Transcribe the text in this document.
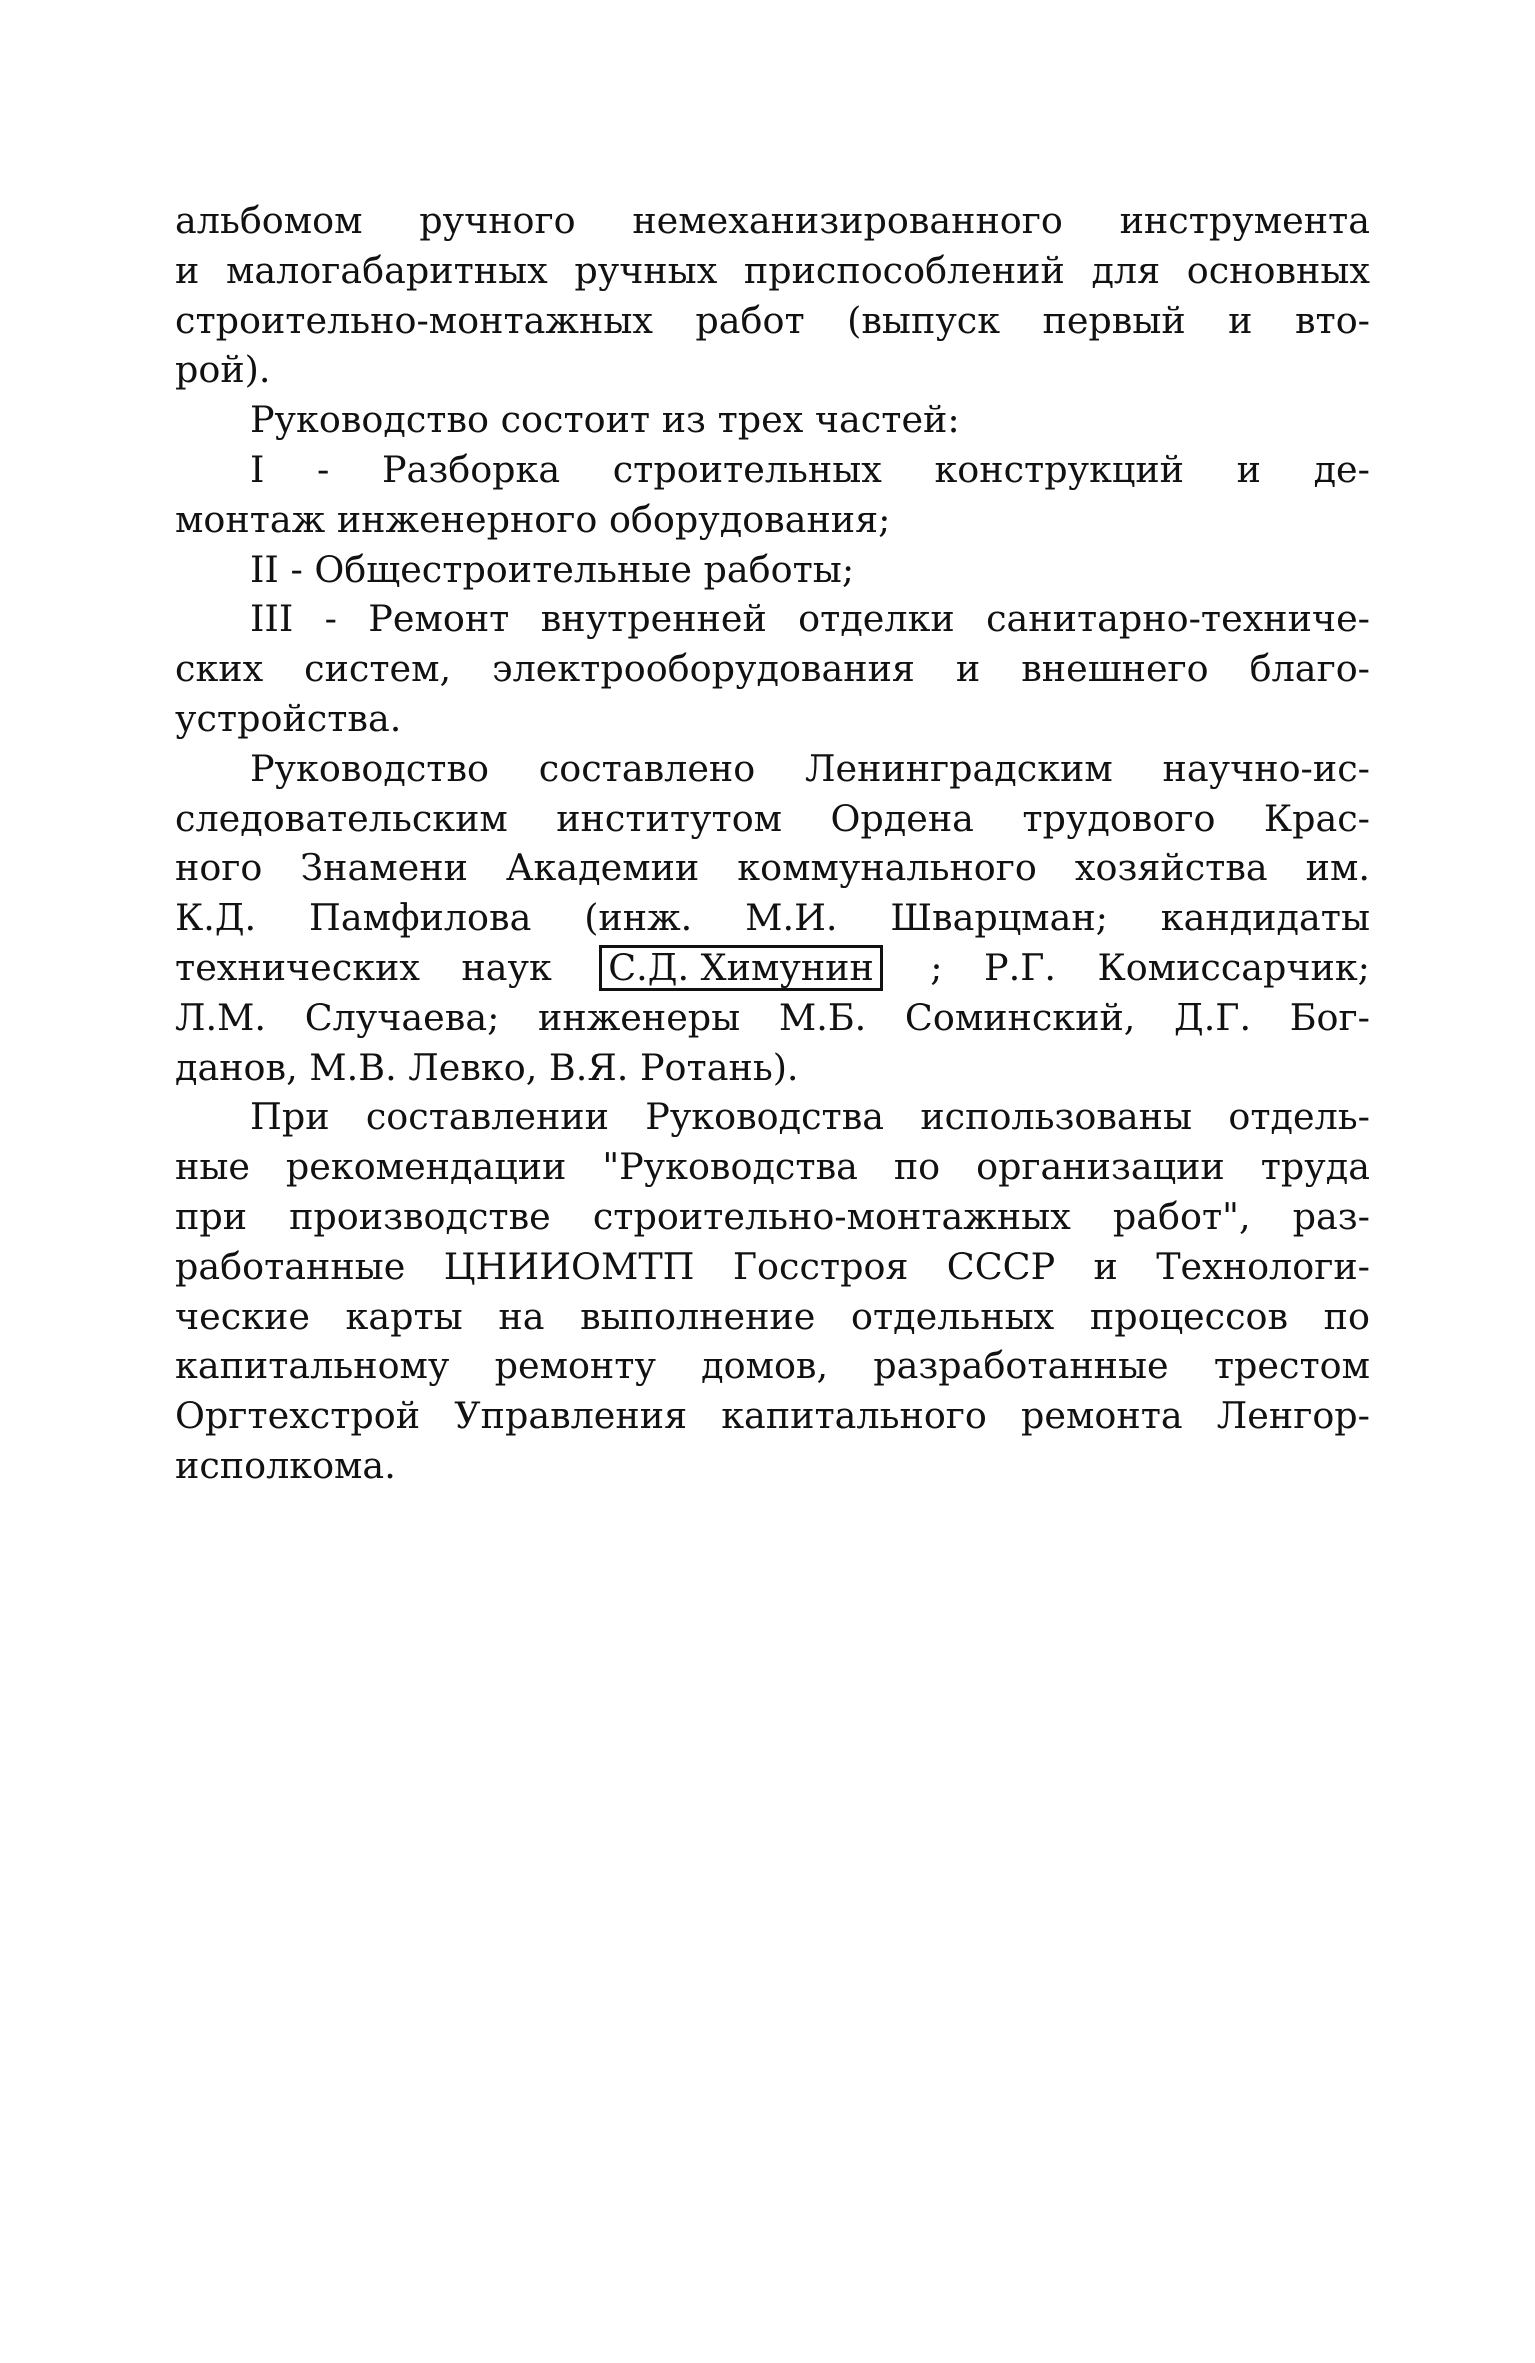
альбомом ручного немеханизированного инструмента
и малогабаритных ручных приспособлений для основных
строительно-монтажных работ (выпуск первый и вто-
рой).
Руководство состоит из трех частей:
I - Разборка строительных конструкций и де-
монтаж инженерного оборудования;
II - Общестроительные работы;
III - Ремонт внутренней отделки санитарно-техниче-
ских систем, электрооборудования и внешнего благо-
устройства.
Руководство составлено Ленинградским научно-ис-
следовательским институтом Ордена трудового Крас-
ного Знамени Академии коммунального хозяйства им.
К.Д. Памфилова (инж. М.И. Шварцман; кандидаты
технических наук С.Д. Химунин ; Р.Г. Комиссарчик;
Л.М. Случаева; инженеры М.Б. Соминский, Д.Г. Бог-
данов, М.В. Левко, В.Я. Ротань).
При составлении Руководства использованы отдель-
ные рекомендации "Руководства по организации труда
при производстве строительно-монтажных работ", раз-
работанные ЦНИИОМТП Госстроя СССР и Технологи-
ческие карты на выполнение отдельных процессов по
капитальному ремонту домов, разработанные трестом
Оргтехстрой Управления капитального ремонта Ленгор-
исполкома.
